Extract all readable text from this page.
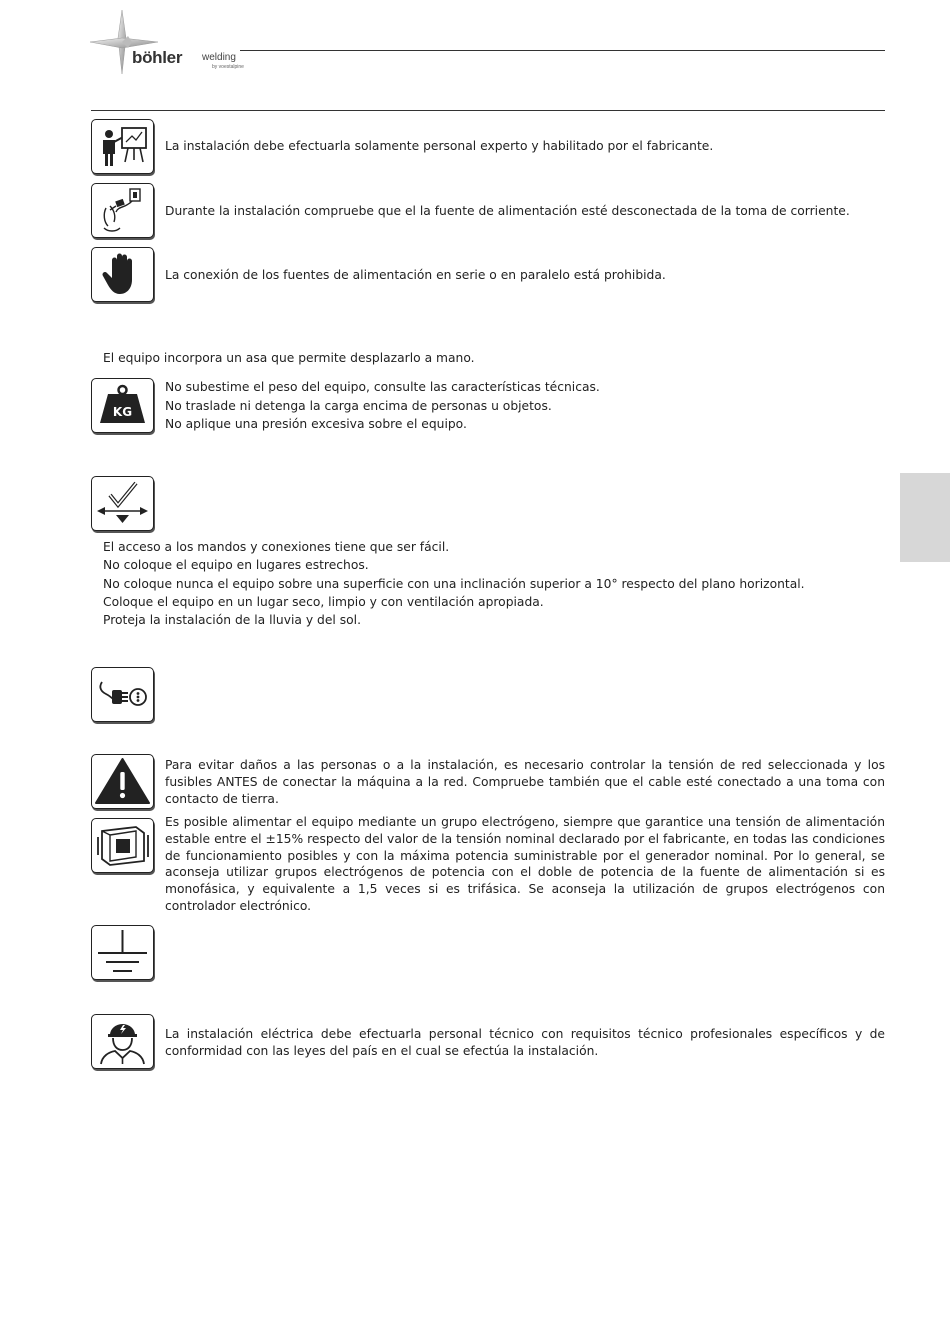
böhler welding
by voestalpine
La instalación debe efectuarla solamente personal experto y habilitado por el fabricante.
Durante la instalación compruebe que el la fuente de alimentación esté desconectada de la toma de corriente.
La conexión de los fuentes de alimentación en serie o en paralelo está prohibida.
El equipo incorpora un asa que permite desplazarlo a mano.
KG
No subestime el peso del equipo, consulte las características técnicas.
No traslade ni detenga la carga encima de personas u objetos.
No aplique una presión excesiva sobre el equipo.
El acceso a los mandos y conexiones tiene que ser fácil.
No coloque el equipo en lugares estrechos.
No coloque nunca el equipo sobre una superficie con una inclinación superior a 10° respecto del plano horizontal.
Coloque el equipo en un lugar seco, limpio y con ventilación apropiada.
Proteja la instalación de la lluvia y del sol.
Para evitar daños a las personas o a la instalación, es necesario controlar la tensión de red seleccionada y los fusibles ANTES de conectar la máquina a la red. Compruebe también que el cable esté conectado a una toma con contacto de tierra.
Es posible alimentar el equipo mediante un grupo electrógeno, siempre que garantice una tensión de alimentación estable entre el ±15% respecto del valor de la tensión nominal declarado por el fabricante, en todas las condiciones de funcionamiento posibles y con la máxima potencia suministrable por el generador nominal. Por lo general, se aconseja utilizar grupos electrógenos de potencia con el doble de potencia de la fuente de alimentación si es monofásica, y equivalente a 1,5 veces si es trifásica. Se aconseja la utilización de grupos electrógenos con controlador electrónico.
La instalación eléctrica debe efectuarla personal técnico con requisitos técnico profesionales específicos y de conformidad con las leyes del país en el cual se efectúa la instalación.
